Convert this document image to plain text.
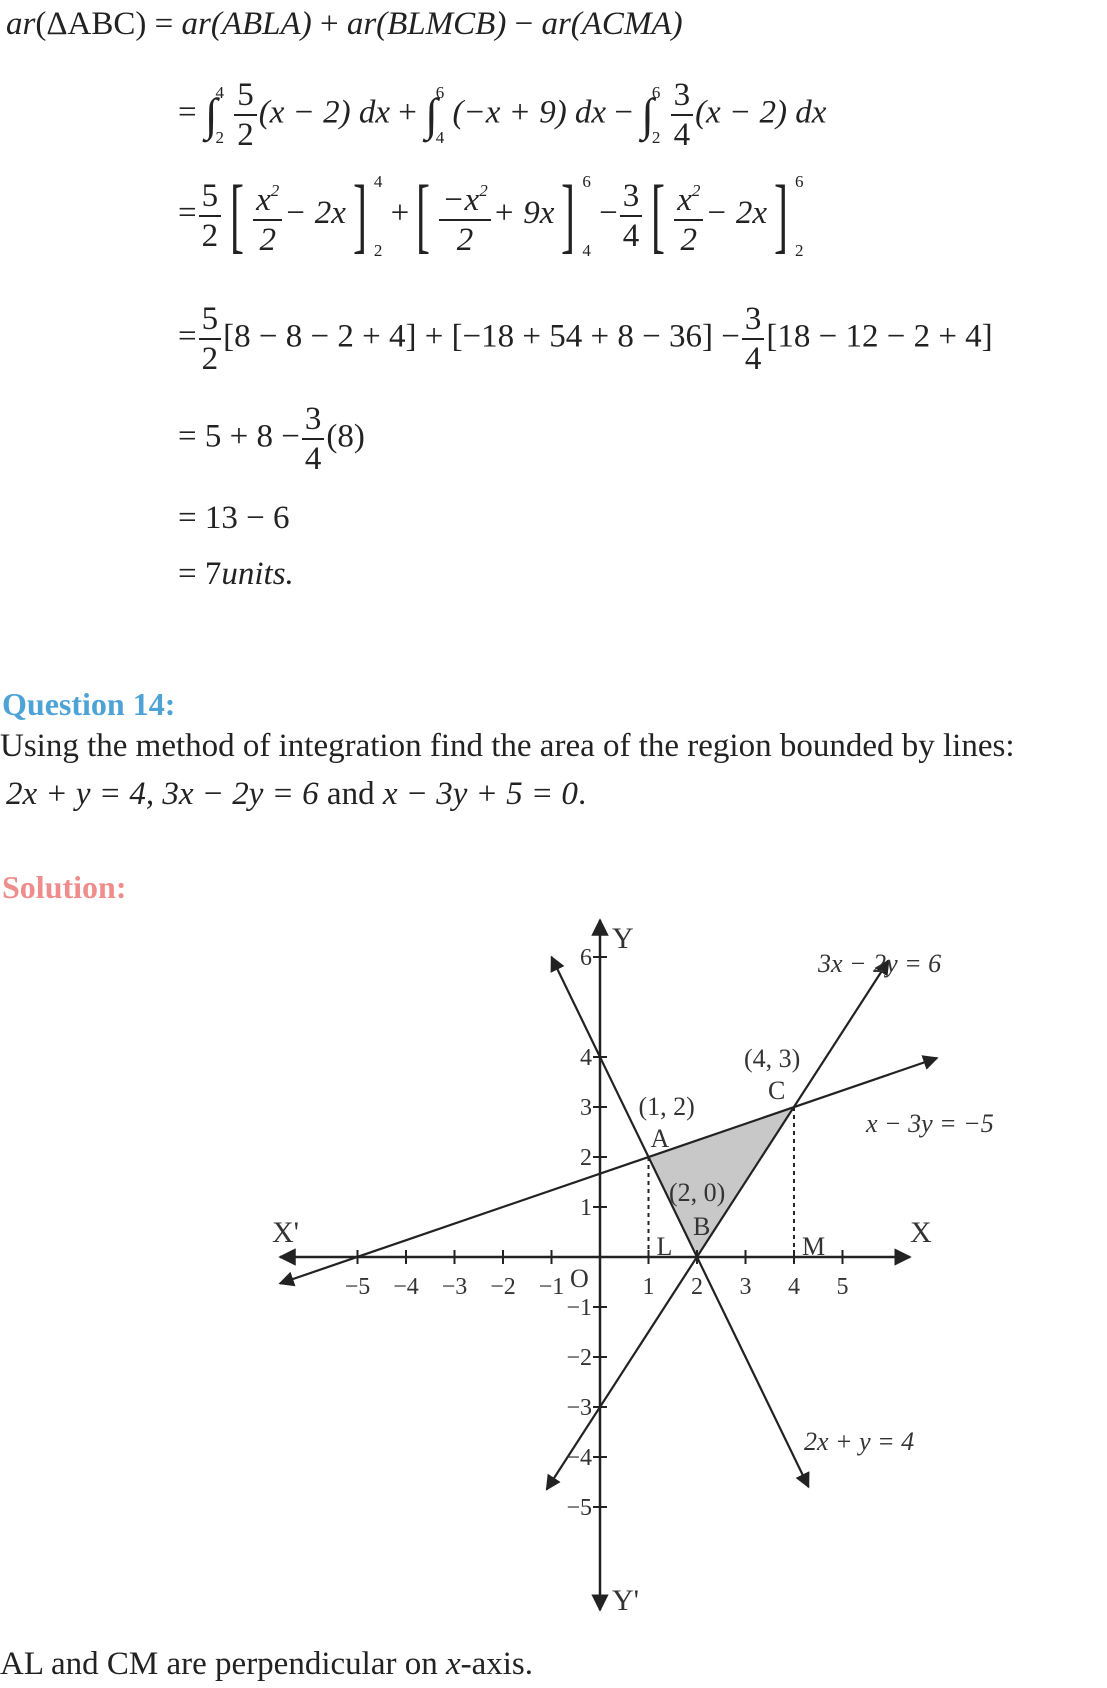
ar(ΔABC) = ar(ABLA) + ar(BLMCB) − ar(ACMA)
= ∫
4
2
$\frac{5}{2} (x - 2)$ dx + ∫
6
4
(−x + 9) dx − ∫
6
2
$\frac{3}{4} (x - 2)$ dx
= $\frac{5}{2}$ [ $\frac{x^2}{2} - 2x$] 4
2
+[ $\frac{-x^2}{2} + 9x$] 6
4
− $\frac{3}{4}$ [ $\frac{x^2}{2} - 2x$] 6
2
= $\frac{5}{2} [8 - 8 - 2 + 4] + [-18 + 54 + 8 - 36] - \frac{3}{4} [18 - 12 - 2 + 4]$
= $5 + 8 - \frac{3}{4} (8)$
= 13 − 6
= 7units.
Question 14:
Using the method of integration find the area of the region bounded by lines:
2x + y = 4, 3x − 2y = 6 and x − 3y + 5 = 0.
Solution:
−5 −4 −3 −2 −1	1 2 3 4 5
6
4
3
2
1
−1
−2
−3
−4
−5
X
X'
Y
Y'
O
A
(1, 2)
B
(2, 0)
C
(4, 3)
L	M
3x − 2y = 6
x − 3y = −5
2x + y = 4
AL and CM are perpendicular on x-axis.
